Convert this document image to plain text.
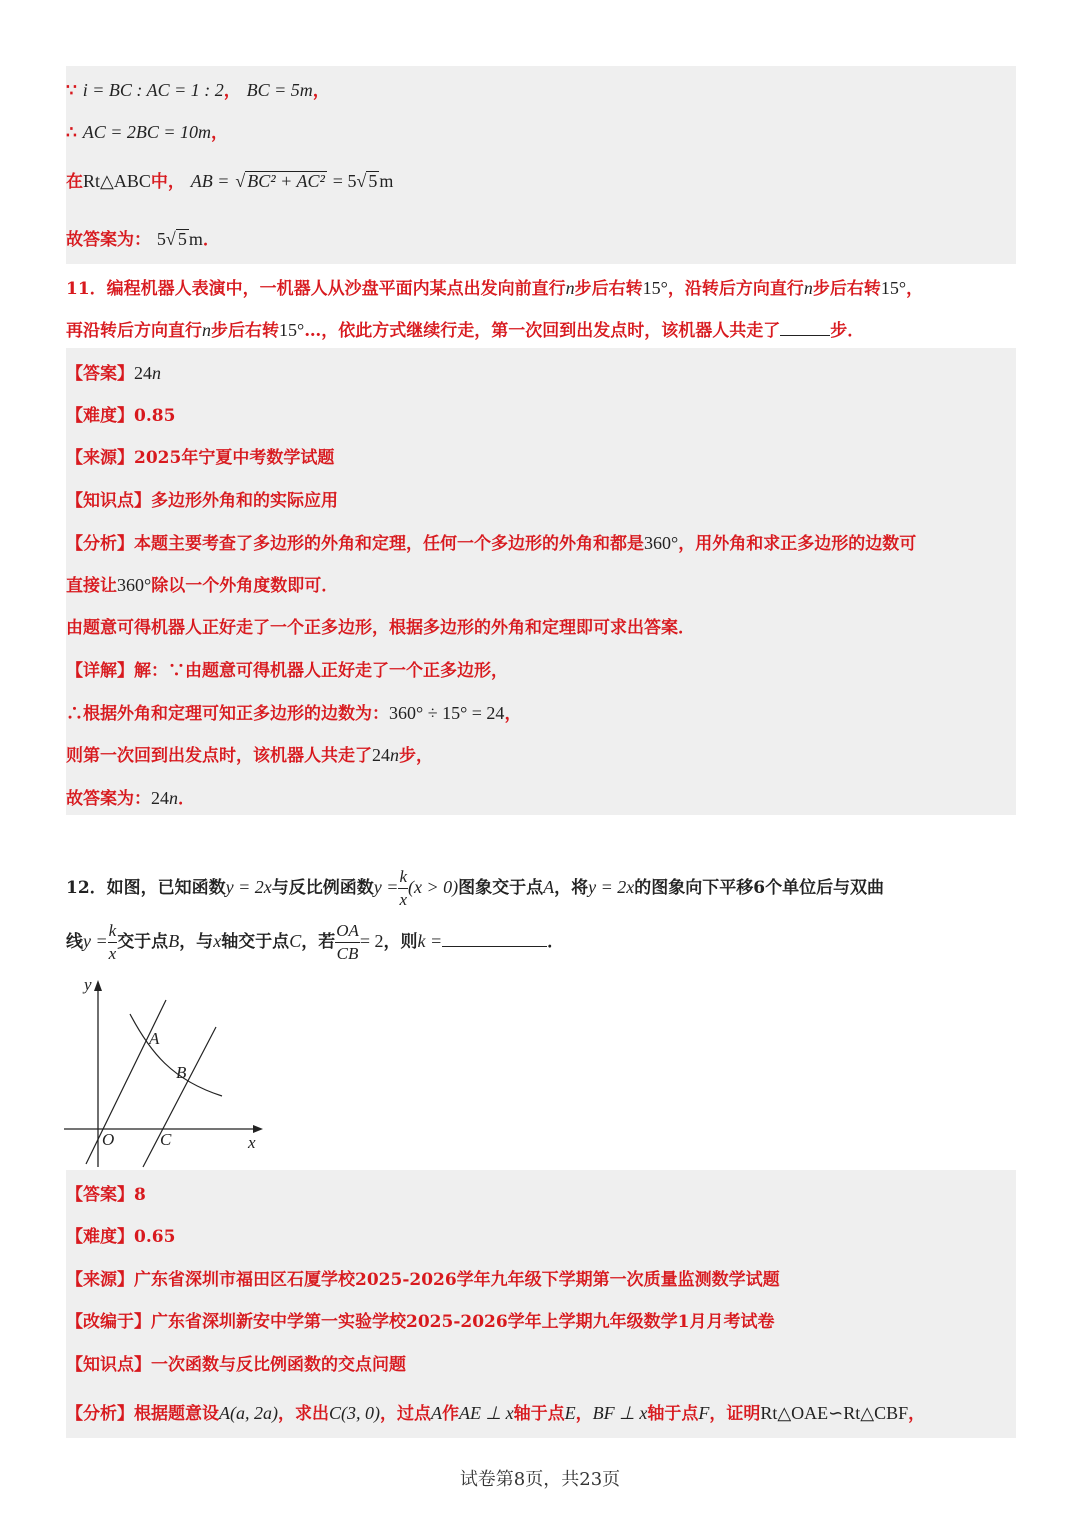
∵ i = BC : AC = 1 : 2， BC = 5m，
∴ AC = 2BC = 10m，
在Rt△ABC中， AB = √ BC² + AC² = 5√ 5 m
故答案为： 5√ 5 m．
11．编程机器人表演中，一机器人从沙盘平面内某点出发向前直行n步后右转15°，沿转后方向直行n步后右转15°，
再沿转后方向直行n步后右转15°…，依此方式继续行走，第一次回到出发点时，该机器人共走了	步．
【答案】24n
【难度】0.85
【来源】2025年宁夏中考数学试题
【知识点】多边形外角和的实际应用
【分析】本题主要考查了多边形的外角和定理，任何一个多边形的外角和都是360°，用外角和求正多边形的边数可
直接让360°除以一个外角度数即可．
由题意可得机器人正好走了一个正多边形，根据多边形的外角和定理即可求出答案．
【详解】解：∵由题意可得机器人正好走了一个正多边形，
∴根据外角和定理可知正多边形的边数为：360° ÷ 15° = 24，
则第一次回到出发点时，该机器人共走了24n步，
故答案为：24n．
12．如图，已知函数y = 2x与反比例函数$y = \frac{k}{x} (x > 0)$图象交于点A，将y = 2x的图象向下平移6个单位后与双曲
线$y = \frac{k}{x}$ 交于点B，与x轴交于点C，若 $\frac{OA}{CB} = 2$，则k =	．
y
x
O
A
B
C
【答案】8
【难度】0.65
【来源】广东省深圳市福田区石厦学校2025-2026学年九年级下学期第一次质量监测数学试题
【改编于】广东省深圳新安中学第一实验学校2025-2026学年上学期九年级数学1月月考试卷
【知识点】一次函数与反比例函数的交点问题
【分析】根据题意设A(a, 2a)，求出C(3, 0)，过点A作AE ⊥ x轴于点E，BF ⊥ x轴于点F，证明Rt△OAE∽Rt△CBF，
试卷第8页，共23页
